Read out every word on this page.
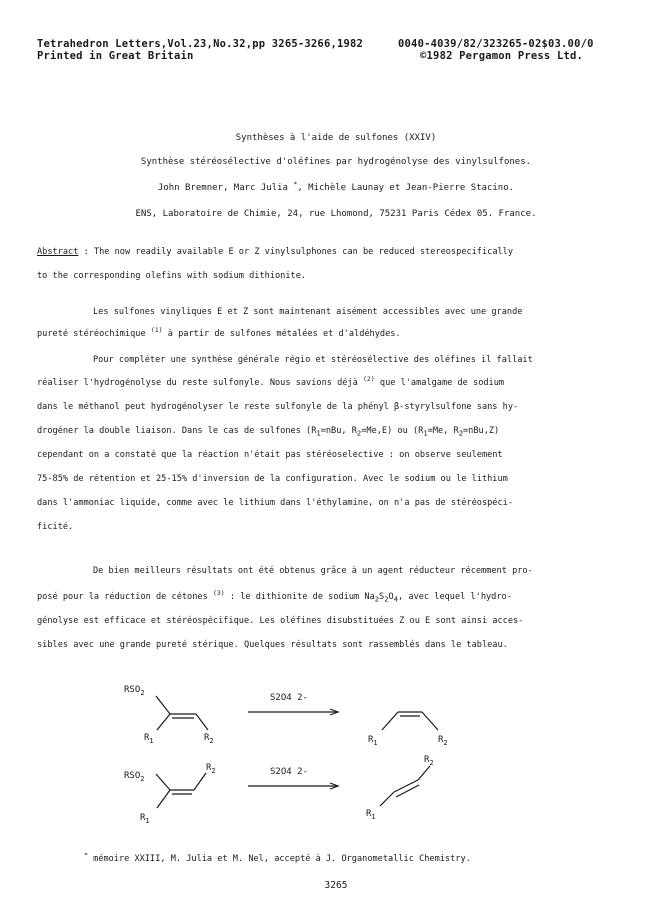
Tetrahedron Letters,Vol.23,No.32,pp 3265-3266,1982	0040-4039/82/323265-02$03.00/0
Printed in Great Britain	©1982 Pergamon Press Ltd.
Synthèses à l'aide de sulfones (XXIV)
Synthèse stéréosélective d'oléfines par hydrogénolyse des vinylsulfones.
John Bremner, Marc Julia *, Michèle Launay et Jean-Pierre Stacino.
ENS, Laboratoire de Chimie, 24, rue Lhomond, 75231 Paris Cédex 05. France.
Abstract : The now readily available E or Z vinylsulphones can be reduced stereospecifically
to the corresponding olefins with sodium dithionite.
Les sulfones vinyliques E et Z sont maintenant aisément accessibles avec une grande
pureté stéréochimique $^{(1)}$ à partir de sulfones métalées et d'aldéhydes.
Pour compléter une synthèse générale régio et stéréosélective des oléfines il fallait
réaliser l'hydrogénolyse du reste sulfonyle. Nous savions déjà $^{(2)}$ que l'amalgame de sodium
dans le méthanol peut hydrogénolyser le reste sulfonyle de la phényl β-styrylsulfone sans hy-
drogéner la double liaison. Dans le cas de sulfones ($R_1=nBu$, $R_2=Me,E$) ou ($R_1=Me$, $R_2=nBu,Z$)
cependant on a constaté que la réaction n'était pas stéréoselective : on observe seulement
75-85% de rétention et 25-15% d'inversion de la configuration. Avec le sodium ou le lithium
dans l'ammoniac liquide, comme avec le lithium dans l'éthylamine, on n'a pas de stéréospéci-
ficité.
De bien meilleurs résultats ont été obtenus grâce à un agent réducteur récemment pro-
posé pour la réduction de cétones $^{(3)}$ : le dithionite de sodium $Na_2S_2O_4$, avec lequel l'hydro-
génolyse est efficace et stéréospécifique. Les oléfines disubstituées Z ou E sont ainsi acces-
sibles avec une grande pureté stérique. Quelques résultats sont rassemblés dans le tableau.
$RSO_2$
$R_1$	$R_2$
S2O4 2-
$R_1$	$R_2$
$RSO_2$
$R_2$
$R_1$
S2O4 2-
$R_2$
$R_1$
* mémoire XXIII, M. Julia et M. Nel, accepté à J. Organometallic Chemistry.
3265
